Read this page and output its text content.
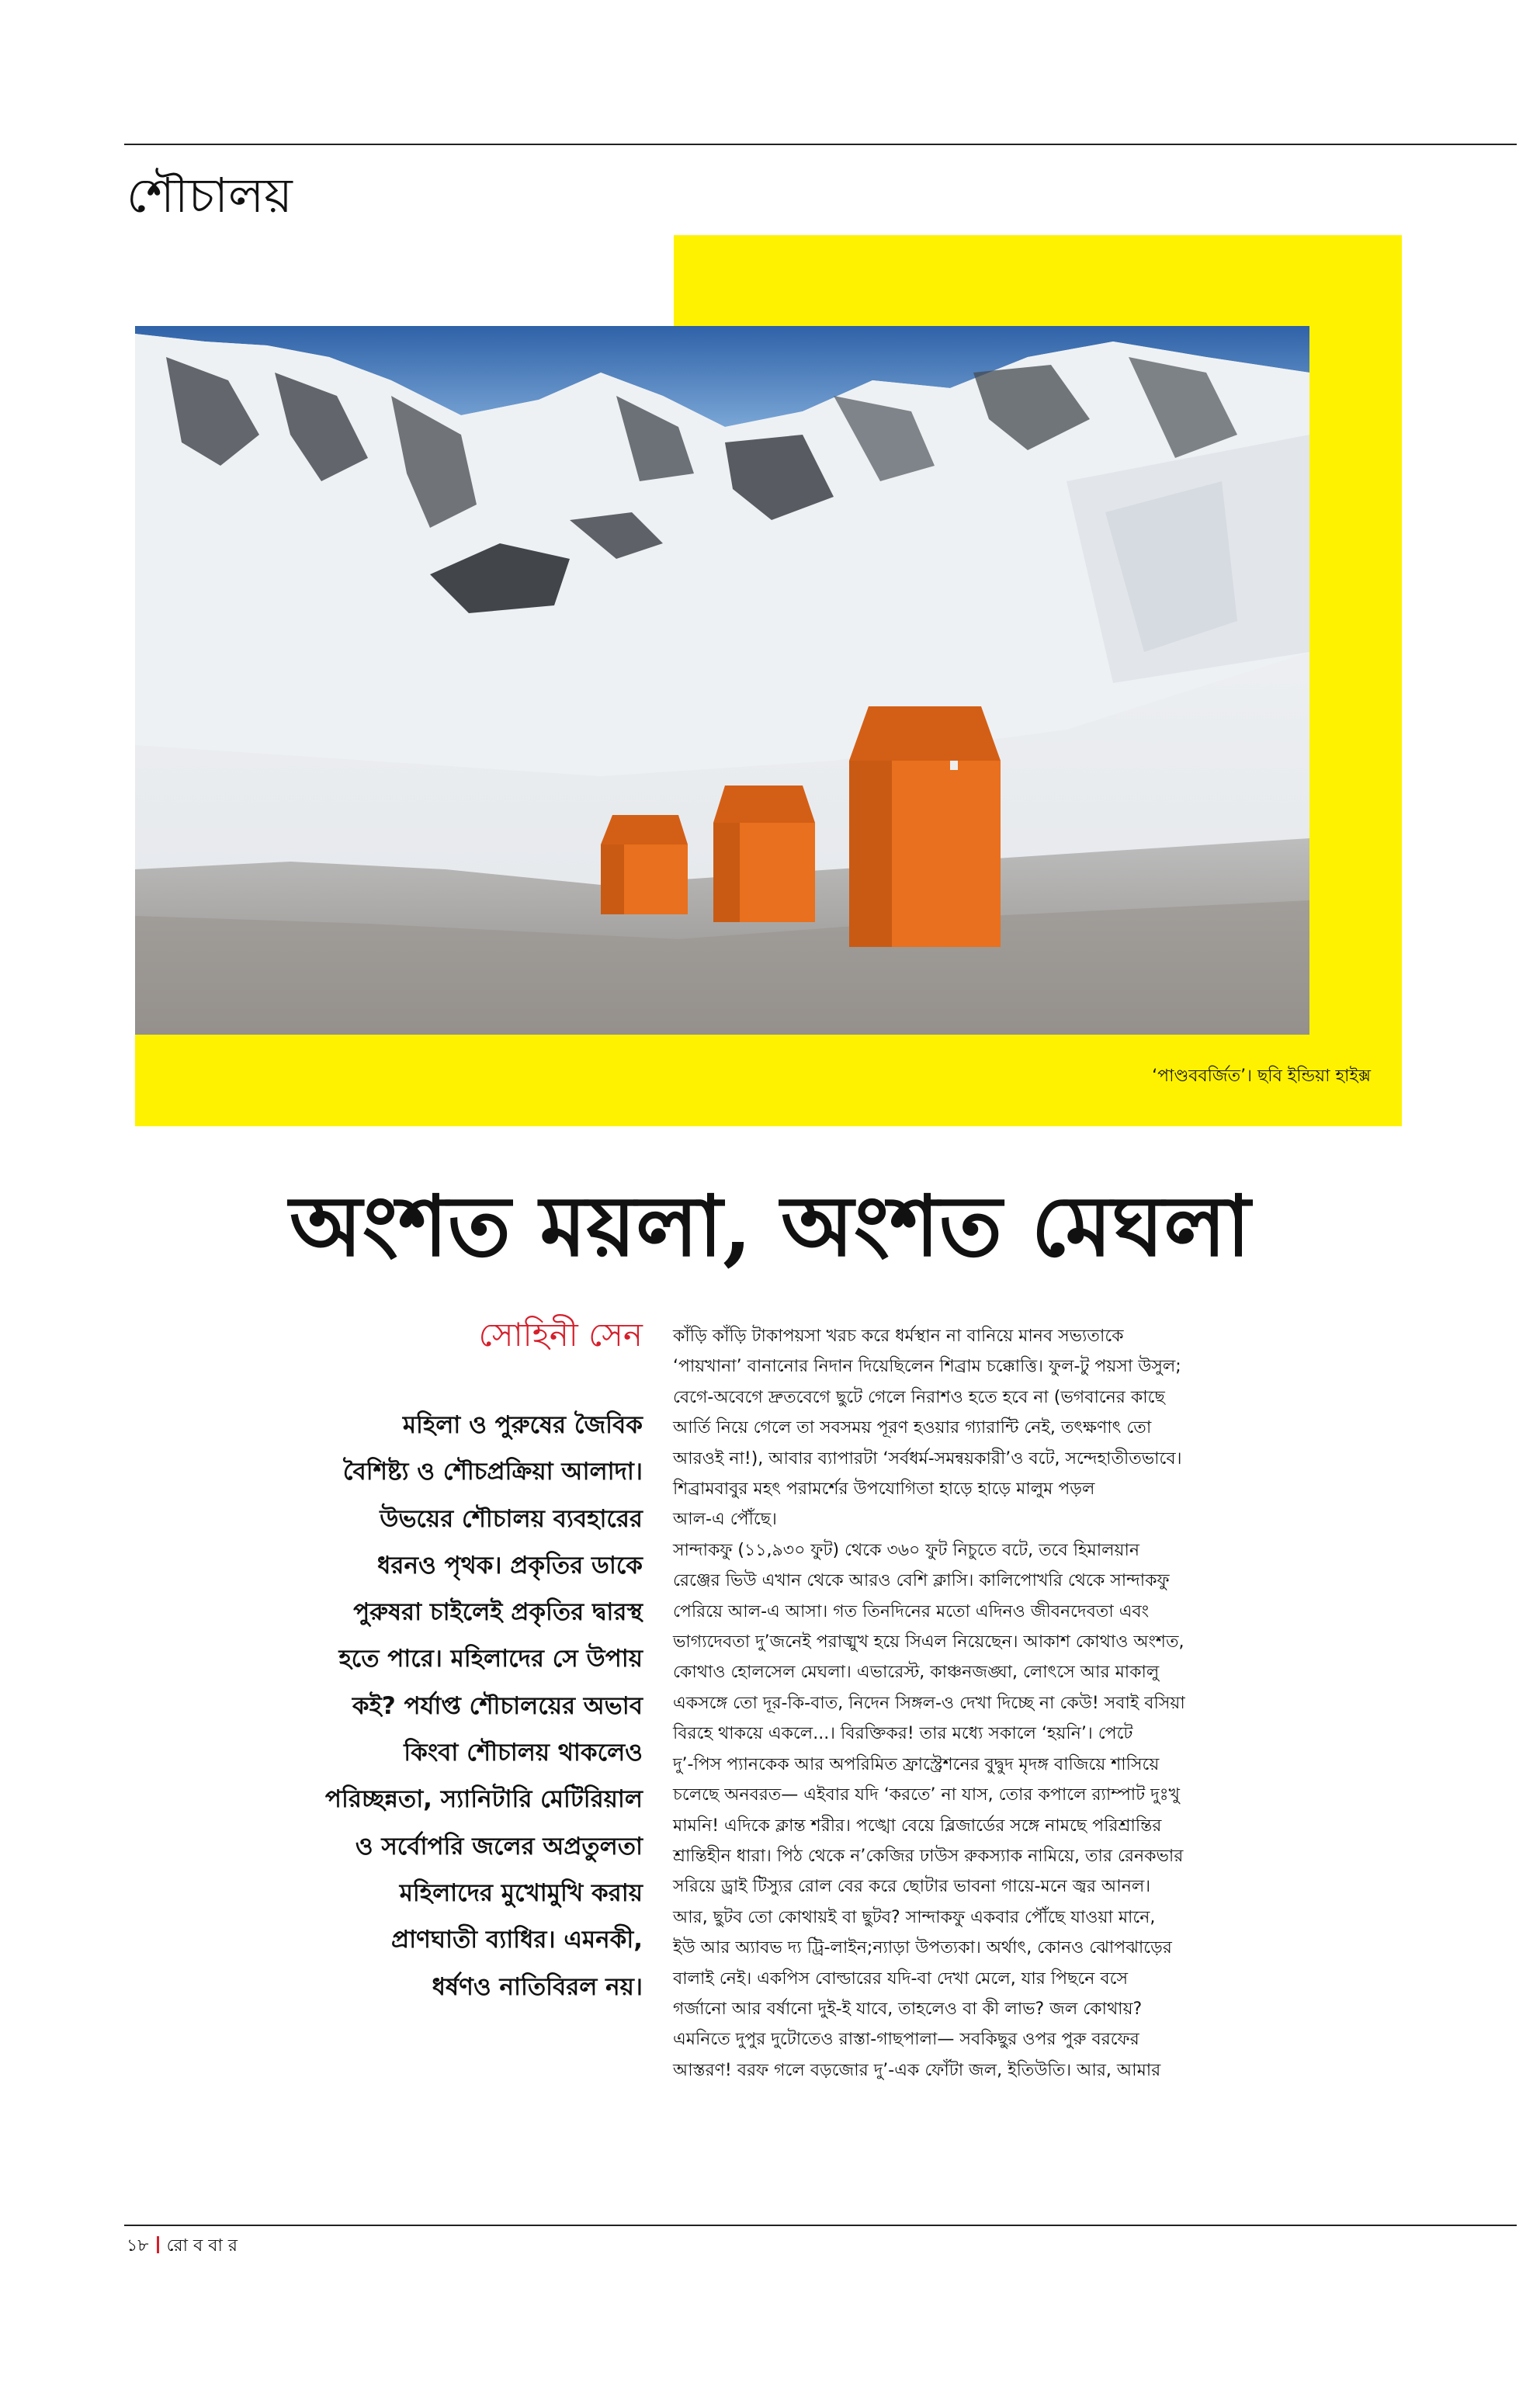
শৌচালয়
‘পাণ্ডববর্জিত’। ছবি ইন্ডিয়া হাইক্স
অংশত ময়লা, অংশত মেঘলা
সোহিনী সেন
মহিলা ও পুরুষের জৈবিক
বৈশিষ্ট্য ও শৌচপ্রক্রিয়া আলাদা।
উভয়ের শৌচালয় ব্যবহারের
ধরনও পৃথক। প্রকৃতির ডাকে
পুরুষরা চাইলেই প্রকৃতির দ্বারস্থ
হতে পারে। মহিলাদের সে উপায়
কই? পর্যাপ্ত শৌচালয়ের অভাব
কিংবা শৌচালয় থাকলেও
পরিচ্ছন্নতা, স্যানিটারি মেটিরিয়াল
ও সর্বোপরি জলের অপ্রতুলতা
মহিলাদের মুখোমুখি করায়
প্রাণঘাতী ব্যাধির। এমনকী,
ধর্ষণও নাতিবিরল নয়।
কাঁড়ি কাঁড়ি টাকাপয়সা খরচ করে ধর্মস্থান না বানিয়ে মানব সভ্যতাকে
‘পায়খানা’ বানানোর নিদান দিয়েছিলেন শিব্রাম চক্কোত্তি। ফুল-টু পয়সা উসুল;
বেগে-অবেগে দ্রুতবেগে ছুটে গেলে নিরাশও হতে হবে না (ভগবানের কাছে
আর্তি নিয়ে গেলে তা সবসময় পূরণ হওয়ার গ্যারান্টি নেই, তৎক্ষণাৎ তো
আরওই না!), আবার ব্যাপারটা ‘সর্বধর্ম-সমন্বয়কারী’ও বটে, সন্দেহাতীতভাবে।
শিব্রামবাবুর মহৎ পরামর্শের উপযোগিতা হাড়ে হাড়ে মালুম পড়ল
আল-এ পৌঁছে।
সান্দাকফু (১১,৯৩০ ফুট) থেকে ৩৬০ ফুট নিচুতে বটে, তবে হিমালয়ান
রেঞ্জের ভিউ এখান থেকে আরও বেশি ক্লাসি। কালিপোখরি থেকে সান্দাকফু
পেরিয়ে আল-এ আসা। গত তিনদিনের মতো এদিনও জীবনদেবতা এবং
ভাগ্যদেবতা দু’জনেই পরাঙ্মুখ হয়ে সিএল নিয়েছেন। আকাশ কোথাও অংশত,
কোথাও হোলসেল মেঘলা। এভারেস্ট, কাঞ্চনজঙ্ঘা, লোৎসে আর মাকালু
একসঙ্গে তো দূর-কি-বাত, নিদেন সিঙ্গল-ও দেখা দিচ্ছে না কেউ! সবাই বসিয়া
বিরহে থাকয়ে একলে...। বিরক্তিকর! তার মধ্যে সকালে ‘হয়নি’। পেটে
দু’-পিস প্যানকেক আর অপরিমিত ফ্রাস্ট্রেশনের বুদ্বুদ মৃদঙ্গ বাজিয়ে শাসিয়ে
চলেছে অনবরত— এইবার যদি ‘করতে’ না যাস, তোর কপালে র‌্যাম্পাট দুঃখু
মামনি! এদিকে ক্লান্ত শরীর। পঙ্খো বেয়ে ব্লিজার্ডের সঙ্গে নামছে পরিশ্রান্তির
শ্রান্তিহীন ধারা। পিঠ থেকে ন’কেজির ঢাউস রুকস্যাক নামিয়ে, তার রেনকভার
সরিয়ে ড্রাই টিস্যুর রোল বের করে ছোটার ভাবনা গায়ে-মনে জ্বর আনল।
আর, ছুটব তো কোথায়ই বা ছুটব? সান্দাকফু একবার পৌঁছে যাওয়া মানে,
ইউ আর অ্যাবভ দ্য ট্রি-লাইন;ন্যাড়া উপত্যকা। অর্থাৎ, কোনও ঝোপঝাড়ের
বালাই নেই। একপিস বোল্ডারের যদি-বা দেখা মেলে, যার পিছনে বসে
গর্জানো আর বর্ষানো দুই-ই যাবে, তাহলেও বা কী লাভ? জল কোথায়?
এমনিতে দুপুর দুটোতেও রাস্তা-গাছপালা— সবকিছুর ওপর পুরু বরফের
আস্তরণ! বরফ গলে বড়জোর দু’-এক ফোঁটা জল, ইতিউতি। আর, আমার
১৮ রো ব বা র
